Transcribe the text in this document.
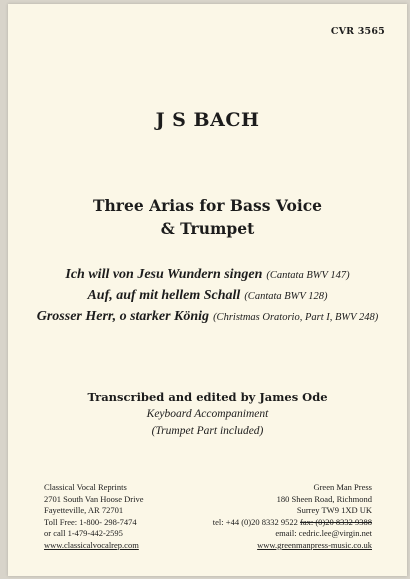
CVR 3565
J S BACH
Three Arias for Bass Voice
& Trumpet

Ich will von Jesu Wundern singen (Cantata BWV 147)

Auf, auf mit hellem Schall (Cantata BWV 128)

Grosser Herr, o starker König (Christmas Oratorio, Part I, BWV 248)

Transcribed and edited by James Ode
Keyboard Accompaniment
(Trumpet Part included)
Classical Vocal Reprints
2701 South Van Hoose Drive
Fayetteville, AR 72701
Toll Free: 1-800- 298-7474
or call 1-479-442-2595
www.classicalvocalrep.com
Green Man Press
180 Sheen Road, Richmond
Surrey TW9 1XD UK
tel: +44 (0)20 8332 9522 fax: (0)20 8332 9388
email: cedric.lee@virgin.net
www.greenmanpress-music.co.uk
